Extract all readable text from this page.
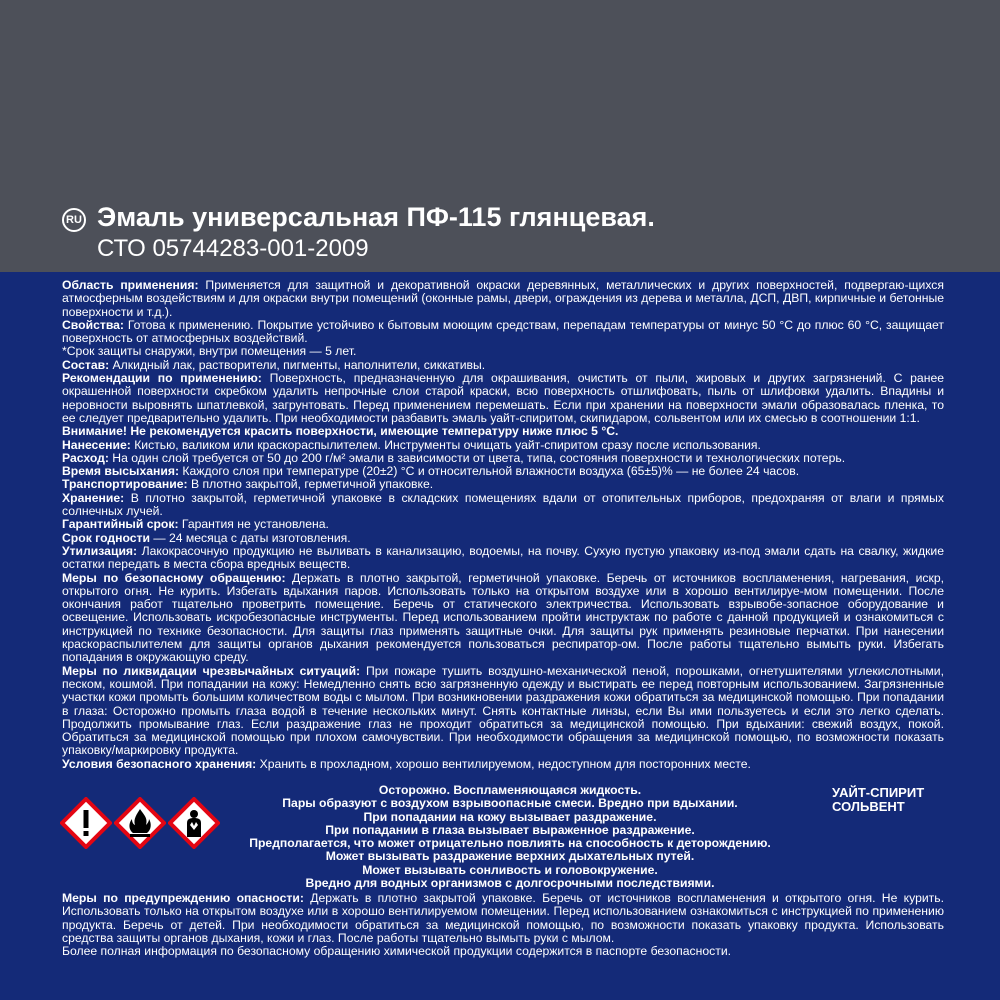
RU Эмаль универсальная ПФ-115 глянцевая.
СТО 05744283-001-2009

Область применения: Применяется для защитной и декоративной окраски деревянных, металлических и других поверхностей, подвергаю-щихся атмосферным воздействиям и для окраски внутри помещений (оконные рамы, двери, ограждения из дерева и металла, ДСП, ДВП, кирпичные и бетонные поверхности и т.д.).

Свойства: Готова к применению. Покрытие устойчиво к бытовым моющим средствам, перепадам температуры от минус 50 °С до плюс 60 °С, защищает поверхность от атмосферных воздействий.

*Срок защиты снаружи, внутри помещения — 5 лет.

Состав: Алкидный лак, растворители, пигменты, наполнители, сиккативы.

Рекомендации по применению: Поверхность, предназначенную для окрашивания, очистить от пыли, жировых и других загрязнений. С ранее окрашенной поверхности скребком удалить непрочные слои старой краски, всю поверхность отшлифовать, пыль от шлифовки удалить. Впадины и неровности выровнять шпатлевкой, загрунтовать. Перед применением перемешать. Если при хранении на поверхности эмали образовалась пленка, то ее следует предварительно удалить. При необходимости разбавить эмаль уайт-спиритом, скипидаром, сольвентом или их смесью в соотношении 1:1.

Внимание! Не рекомендуется красить поверхности, имеющие температуру ниже плюс 5 °С.

Нанесение: Кистью, валиком или краскораспылителем. Инструменты очищать уайт-спиритом сразу после использования.

Расход: На один слой требуется от 50 до 200 г/м² эмали в зависимости от цвета, типа, состояния поверхности и технологических потерь.

Время высыхания: Каждого слоя при температуре (20±2) °С и относительной влажности воздуха (65±5)% — не более 24 часов.

Транспортирование: В плотно закрытой, герметичной упаковке.

Хранение: В плотно закрытой, герметичной упаковке в складских помещениях вдали от отопительных приборов, предохраняя от влаги и прямых солнечных лучей.

Гарантийный срок: Гарантия не установлена.

Срок годности — 24 месяца с даты изготовления.

Утилизация: Лакокрасочную продукцию не выливать в канализацию, водоемы, на почву. Сухую пустую упаковку из-под эмали сдать на свалку, жидкие остатки передать в места сбора вредных веществ.

Меры по безопасному обращению: Держать в плотно закрытой, герметичной упаковке. Беречь от источников воспламенения, нагревания, искр, открытого огня. Не курить. Избегать вдыхания паров. Использовать только на открытом воздухе или в хорошо вентилируе-мом помещении. После окончания работ тщательно проветрить помещение. Беречь от статического электричества. Использовать взрывобе-зопасное оборудование и освещение. Использовать искробезопасные инструменты. Перед использованием пройти инструктаж по работе с данной продукцией и ознакомиться с инструкцией по технике безопасности. Для защиты глаз применять защитные очки. Для защиты рук применять резиновые перчатки. При нанесении краскораспылителем для защиты органов дыхания рекомендуется пользоваться респиратор-ом. После работы тщательно вымыть руки. Избегать попадания в окружающую среду.

Меры по ликвидации чрезвычайных ситуаций: При пожаре тушить воздушно-механической пеной, порошками, огнетушителями углекислотными, песком, кошмой. При попадании на кожу: Немедленно снять всю загрязненную одежду и выстирать ее перед повторным использованием. Загрязненные участки кожи промыть большим количеством воды с мылом. При возникновении раздражения кожи обратиться за медицинской помощью. При попадании в глаза: Осторожно промыть глаза водой в течение нескольких минут. Снять контактные линзы, если Вы ими пользуетесь и если это легко сделать. Продолжить промывание глаз. Если раздражение глаз не проходит обратиться за медицинской помощью. При вдыхании: свежий воздух, покой. Обратиться за медицинской помощью при плохом самочувствии. При необходимости обращения за медицинской помощью, по возможности показать упаковку/маркировку продукта.

Условия безопасного хранения: Хранить в прохладном, хорошо вентилируемом, недоступном для посторонних месте.

Осторожно. Воспламеняющаяся жидкость.

Пары образуют с воздухом взрывоопасные смеси. Вредно при вдыхании.

При попадании на кожу вызывает раздражение.

При попадании в глаза вызывает выраженное раздражение.

Предполагается, что может отрицательно повлиять на способность к деторождению.

Может вызывать раздражение верхних дыхательных путей.

Может вызывать сонливость и головокружение.

Вредно для водных организмов с долгосрочными последствиями.

УАЙТ-СПИРИТ
СОЛЬВЕНТ

Меры по предупреждению опасности: Держать в плотно закрытой упаковке. Беречь от источников воспламенения и открытого огня. Не курить. Использовать только на открытом воздухе или в хорошо вентилируемом помещении. Перед использованием ознакомиться с инструкцией по применению продукта. Беречь от детей. При необходимости обратиться за медицинской помощью, по возможности показать упаковку продукта. Использовать средства защиты органов дыхания, кожи и глаз. После работы тщательно вымыть руки с мылом.

Более полная информация по безопасному обращению химической продукции содержится в паспорте безопасности.
